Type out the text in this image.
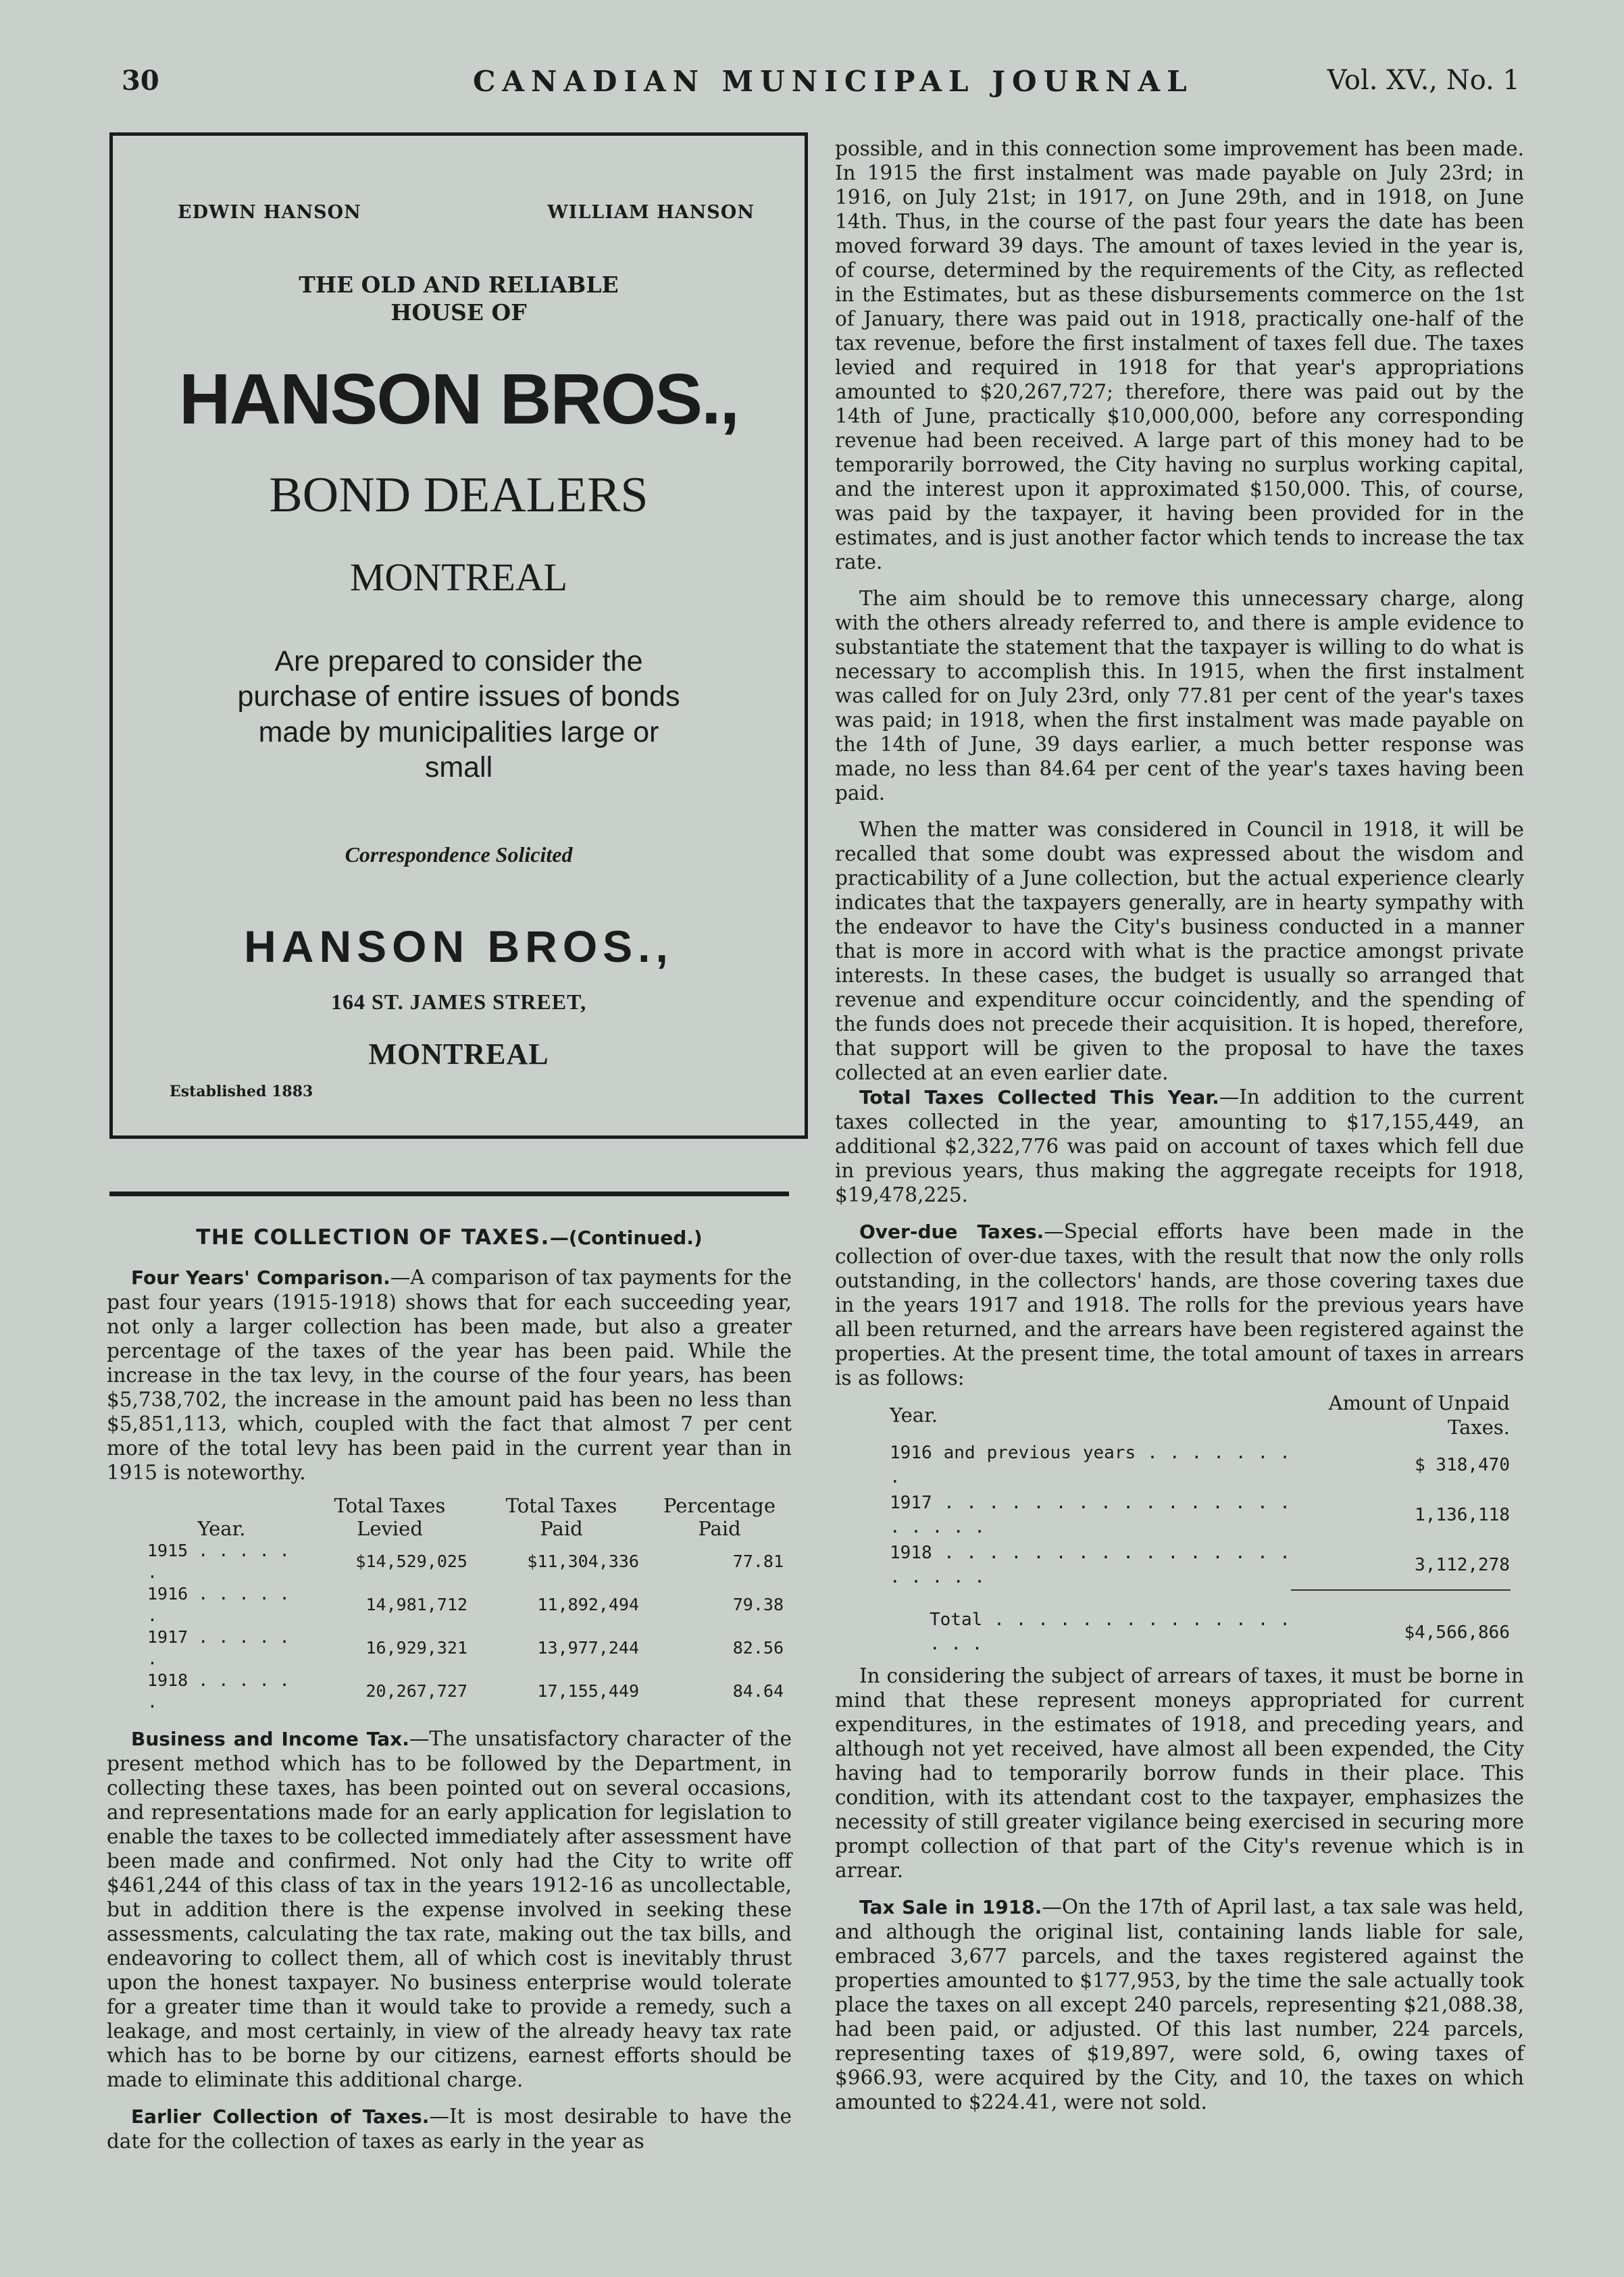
30	CANADIAN MUNICIPAL JOURNAL	Vol. XV., No. 1
EDWIN HANSON	WILLIAM HANSON
THE OLD AND RELIABLE HOUSE OF
HANSON BROS.,
BOND DEALERS
MONTREAL
Are prepared to consider the purchase of entire issues of bonds made by municipalities large or small
Correspondence Solicited
HANSON BROS.,
164 ST. JAMES STREET,
MONTREAL
Established 1883
THE COLLECTION OF TAXES.—(Continued.)

Four Years' Comparison.—A comparison of tax payments for the past four years (1915-1918) shows that for each succeeding year, not only a larger collection has been made, but also a greater percentage of the taxes of the year has been paid. While the increase in the tax levy, in the course of the four years, has been $5,738,702, the increase in the amount paid has been no less than $5,851,113, which, coupled with the fact that almost 7 per cent more of the total levy has been paid in the current year than in 1915 is noteworthy.

Year.	Total Taxes Levied	Total Taxes Paid	Percentage Paid
1915 . . . . . .	$14,529,025	$11,304,336	77.81
1916 . . . . . .	14,981,712	11,892,494	79.38
1917 . . . . . .	16,929,321	13,977,244	82.56
1918 . . . . . .	20,267,727	17,155,449	84.64

Business and Income Tax.—The unsatisfactory character of the present method which has to be followed by the Department, in collecting these taxes, has been pointed out on several occasions, and representations made for an early application for legislation to enable the taxes to be collected immediately after assessment have been made and confirmed. Not only had the City to write off $461,244 of this class of tax in the years 1912-16 as uncollectable, but in addition there is the expense involved in seeking these assessments, calculating the tax rate, making out the tax bills, and endeavoring to collect them, all of which cost is inevitably thrust upon the honest taxpayer. No business enterprise would tolerate for a greater time than it would take to provide a remedy, such a leakage, and most certainly, in view of the already heavy tax rate which has to be borne by our citizens, earnest efforts should be made to eliminate this additional charge.

Earlier Collection of Taxes.—It is most desirable to have the date for the collection of taxes as early in the year as

possible, and in this connection some improvement has been made. In 1915 the first instalment was made payable on July 23rd; in 1916, on July 21st; in 1917, on June 29th, and in 1918, on June 14th. Thus, in the course of the past four years the date has been moved forward 39 days. The amount of taxes levied in the year is, of course, determined by the requirements of the City, as reflected in the Estimates, but as these disbursements commerce on the 1st of January, there was paid out in 1918, practically one-half of the tax revenue, before the first instalment of taxes fell due. The taxes levied and required in 1918 for that year's appropriations amounted to $20,267,727; therefore, there was paid out by the 14th of June, practically $10,000,000, before any corresponding revenue had been received. A large part of this money had to be temporarily borrowed, the City having no surplus working capital, and the interest upon it approximated $150,000. This, of course, was paid by the taxpayer, it having been provided for in the estimates, and is just another factor which tends to increase the tax rate.

The aim should be to remove this unnecessary charge, along with the others already referred to, and there is ample evidence to substantiate the statement that the taxpayer is willing to do what is necessary to accomplish this. In 1915, when the first instalment was called for on July 23rd, only 77.81 per cent of the year's taxes was paid; in 1918, when the first instalment was made payable on the 14th of June, 39 days earlier, a much better response was made, no less than 84.64 per cent of the year's taxes having been paid.

When the matter was considered in Council in 1918, it will be recalled that some doubt was expressed about the wisdom and practicability of a June collection, but the actual experience clearly indicates that the taxpayers generally, are in hearty sympathy with the endeavor to have the City's business conducted in a manner that is more in accord with what is the practice amongst private interests. In these cases, the budget is usually so arranged that revenue and expenditure occur coincidently, and the spending of the funds does not precede their acquisition. It is hoped, therefore, that support will be given to the proposal to have the taxes collected at an even earlier date.

Total Taxes Collected This Year.—In addition to the current taxes collected in the year, amounting to $17,155,449, an additional $2,322,776 was paid on account of taxes which fell due in previous years, thus making the aggregate receipts for 1918, $19,478,225.

Over-due Taxes.—Special efforts have been made in the collection of over-due taxes, with the result that now the only rolls outstanding, in the collectors' hands, are those covering taxes due in the years 1917 and 1918. The rolls for the previous years have all been returned, and the arrears have been registered against the properties. At the present time, the total amount of taxes in arrears is as follows:

Year.	Amount of Unpaid Taxes.
1916 and previous years . . . . . . . .	$ 318,470
1917 . . . . . . . . . . . . . . . . . . . . .	1,136,118
1918 . . . . . . . . . . . . . . . . . . . . .	3,112,278
Total . . . . . . . . . . . . . . . . .	$4,566,866

In considering the subject of arrears of taxes, it must be borne in mind that these represent moneys appropriated for current expenditures, in the estimates of 1918, and preceding years, and although not yet received, have almost all been expended, the City having had to temporarily borrow funds in their place. This condition, with its attendant cost to the taxpayer, emphasizes the necessity of still greater vigilance being exercised in securing more prompt collection of that part of the City's revenue which is in arrear.

Tax Sale in 1918.—On the 17th of April last, a tax sale was held, and although the original list, containing lands liable for sale, embraced 3,677 parcels, and the taxes registered against the properties amounted to $177,953, by the time the sale actually took place the taxes on all except 240 parcels, representing $21,088.38, had been paid, or adjusted. Of this last number, 224 parcels, representing taxes of $19,897, were sold, 6, owing taxes of $966.93, were acquired by the City, and 10, the taxes on which amounted to $224.41, were not sold.
